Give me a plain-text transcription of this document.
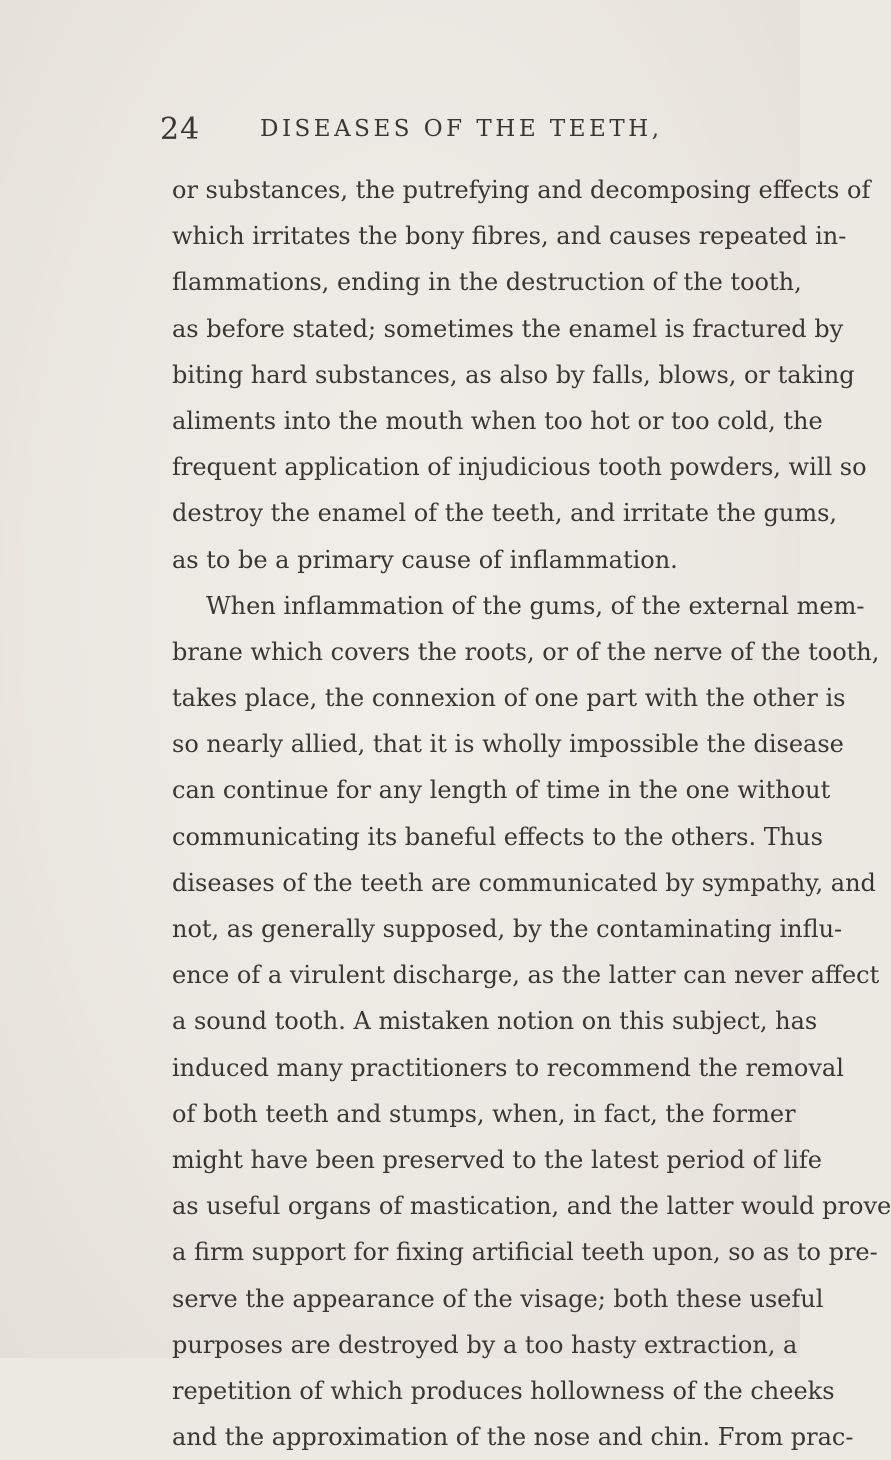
24	DISEASES OF THE TEETH,
or substances, the putrefying and decomposing effects of
which irritates the bony fibres, and causes repeated in-
flammations, ending in the destruction of the tooth,
as before stated; sometimes the enamel is fractured by
biting hard substances, as also by falls, blows, or taking
aliments into the mouth when too hot or too cold, the
frequent application of injudicious tooth powders, will so
destroy the enamel of the teeth, and irritate the gums,
as to be a primary cause of inflammation.
When inflammation of the gums, of the external mem-
brane which covers the roots, or of the nerve of the tooth,
takes place, the connexion of one part with the other is
so nearly allied, that it is wholly impossible the disease
can continue for any length of time in the one without
communicating its baneful effects to the others. Thus
diseases of the teeth are communicated by sympathy, and
not, as generally supposed, by the contaminating influ-
ence of a virulent discharge, as the latter can never affect
a sound tooth. A mistaken notion on this subject, has
induced many practitioners to recommend the removal
of both teeth and stumps, when, in fact, the former
might have been preserved to the latest period of life
as useful organs of mastication, and the latter would prove
a firm support for fixing artificial teeth upon, so as to pre-
serve the appearance of the visage; both these useful
purposes are destroyed by a too hasty extraction, a
repetition of which produces hollowness of the cheeks
and the approximation of the nose and chin. From prac-
